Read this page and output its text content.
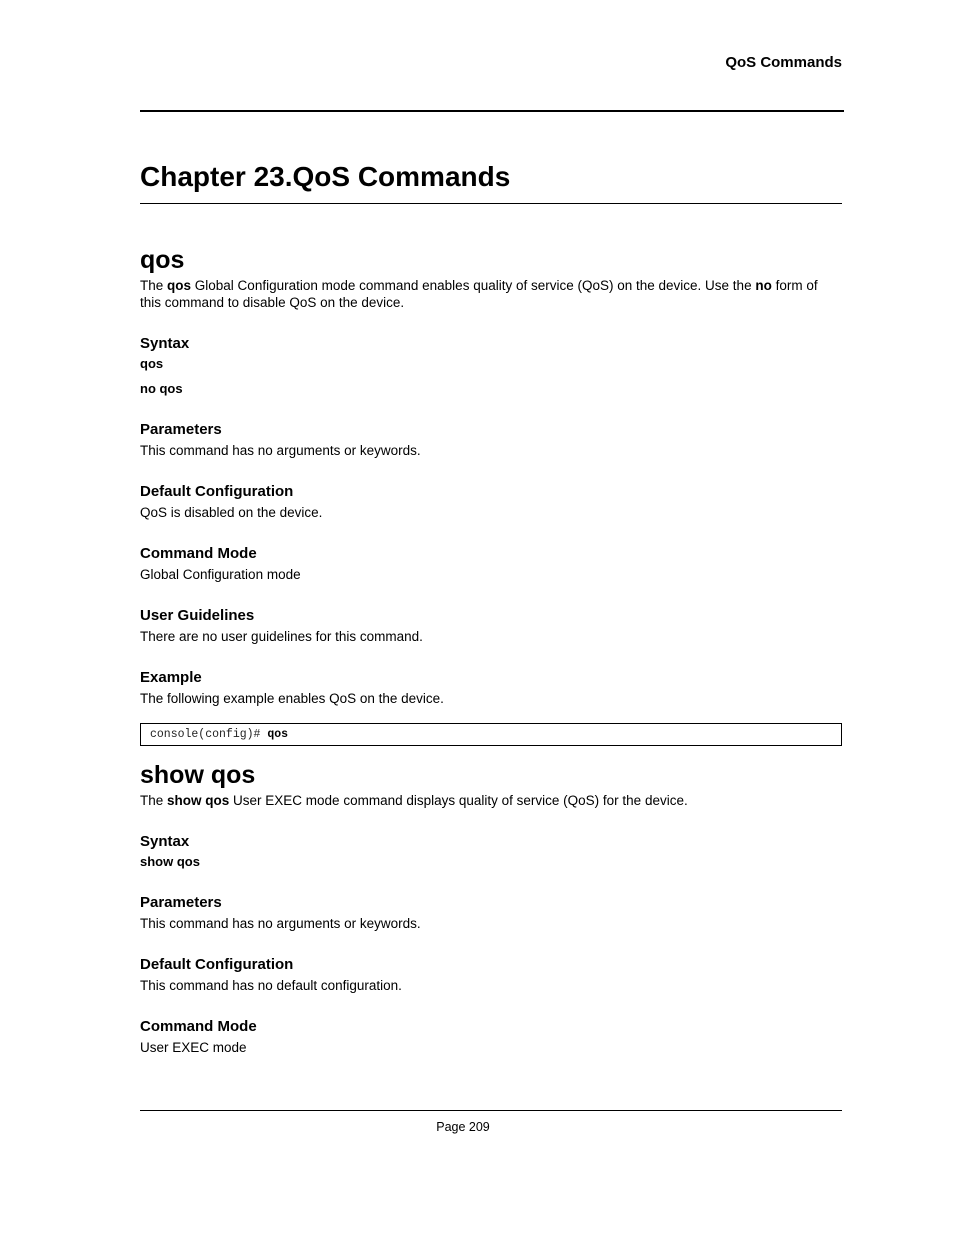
QoS Commands
Chapter 23.QoS Commands
qos

The qos Global Configuration mode command enables quality of service (QoS) on the device. Use the no form of this command to disable QoS on the device.

Syntax

qos

no qos

Parameters

This command has no arguments or keywords.

Default Configuration

QoS is disabled on the device.

Command Mode

Global Configuration mode

User Guidelines

There are no user guidelines for this command.

Example

The following example enables QoS on the device.

console(config)# qos
show qos

The show qos User EXEC mode command displays quality of service (QoS) for the device.

Syntax

show qos

Parameters

This command has no arguments or keywords.

Default Configuration

This command has no default configuration.

Command Mode

User EXEC mode

Page 209
